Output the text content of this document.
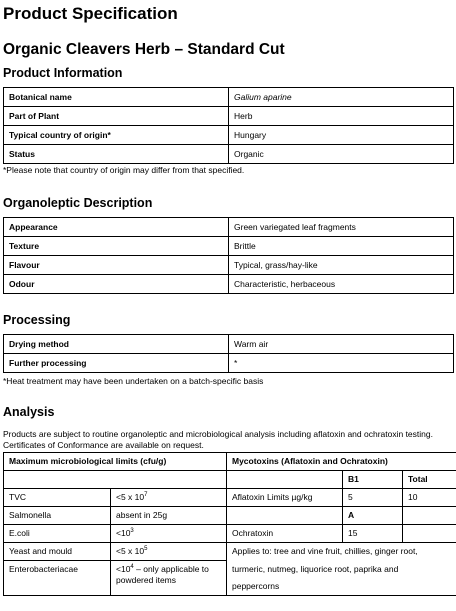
Product Specification
Organic Cleavers Herb – Standard Cut
Product Information
Botanical name	Galium aparine
Part of Plant	Herb
Typical country of origin*	Hungary
Status	Organic
*Please note that country of origin may differ from that specified.
Organoleptic Description
Appearance	Green variegated leaf fragments
Texture	Brittle
Flavour	Typical, grass/hay-like
Odour	Characteristic, herbaceous
Processing
Drying method	Warm air
Further processing	*
*Heat treatment may have been undertaken on a batch-specific basis
Analysis
Products are subject to routine organoleptic and microbiological analysis including aflatoxin and ochratoxin testing. Certificates of Conformance are available on request.
Maximum microbiological limits (cfu/g)		Mycotoxins (Aflatoxin and Ochratoxin)		
			B1	Total
TVC	<5 x $10^7$	Aflatoxin Limits µg/kg	5	10
Salmonella	absent in 25g		A	
E.coli	$<10^3$	Ochratoxin	15	
Yeast and mould	<5 x $10^5$	Applies to: tree and vine fruit, chillies, ginger root,		
Enterobacteriacae	$<10^4$ – only applicable to powdered items	turmeric, nutmeg, liquorice root, paprika and		
		peppercorns		
